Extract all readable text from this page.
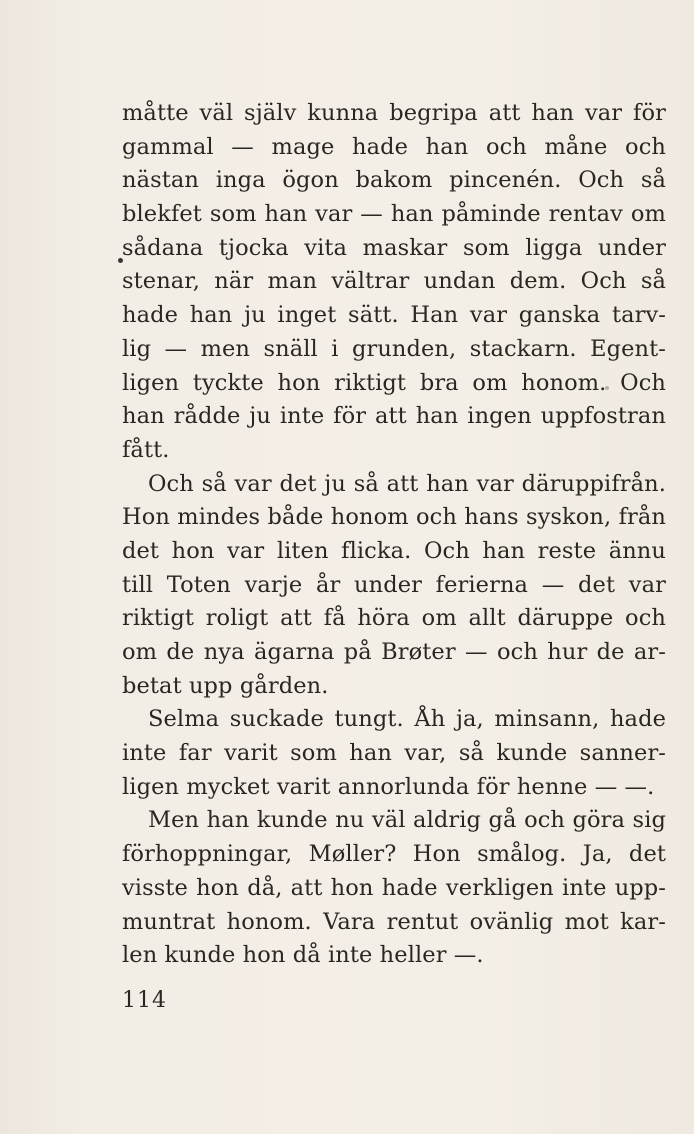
måtte väl själv kunna begripa att han var för
gammal — mage hade han och måne och
nästan inga ögon bakom pincenén. Och så
blekfet som han var — han påminde rentav om
sådana tjocka vita maskar som ligga under
stenar, när man vältrar undan dem. Och så
hade han ju inget sätt. Han var ganska tarv-
lig — men snäll i grunden, stackarn. Egent-
ligen tyckte hon riktigt bra om honom. Och
han rådde ju inte för att han ingen uppfostran
fått.
Och så var det ju så att han var däruppifrån.
Hon mindes både honom och hans syskon, från
det hon var liten flicka. Och han reste ännu
till Toten varje år under ferierna — det var
riktigt roligt att få höra om allt däruppe och
om de nya ägarna på Brøter — och hur de ar-
betat upp gården.
Selma suckade tungt. Åh ja, minsann, hade
inte far varit som han var, så kunde sanner-
ligen mycket varit annorlunda för henne — —.
Men han kunde nu väl aldrig gå och göra sig
förhoppningar, Møller? Hon smålog. Ja, det
visste hon då, att hon hade verkligen inte upp-
muntrat honom. Vara rentut ovänlig mot kar-
len kunde hon då inte heller —.
114
